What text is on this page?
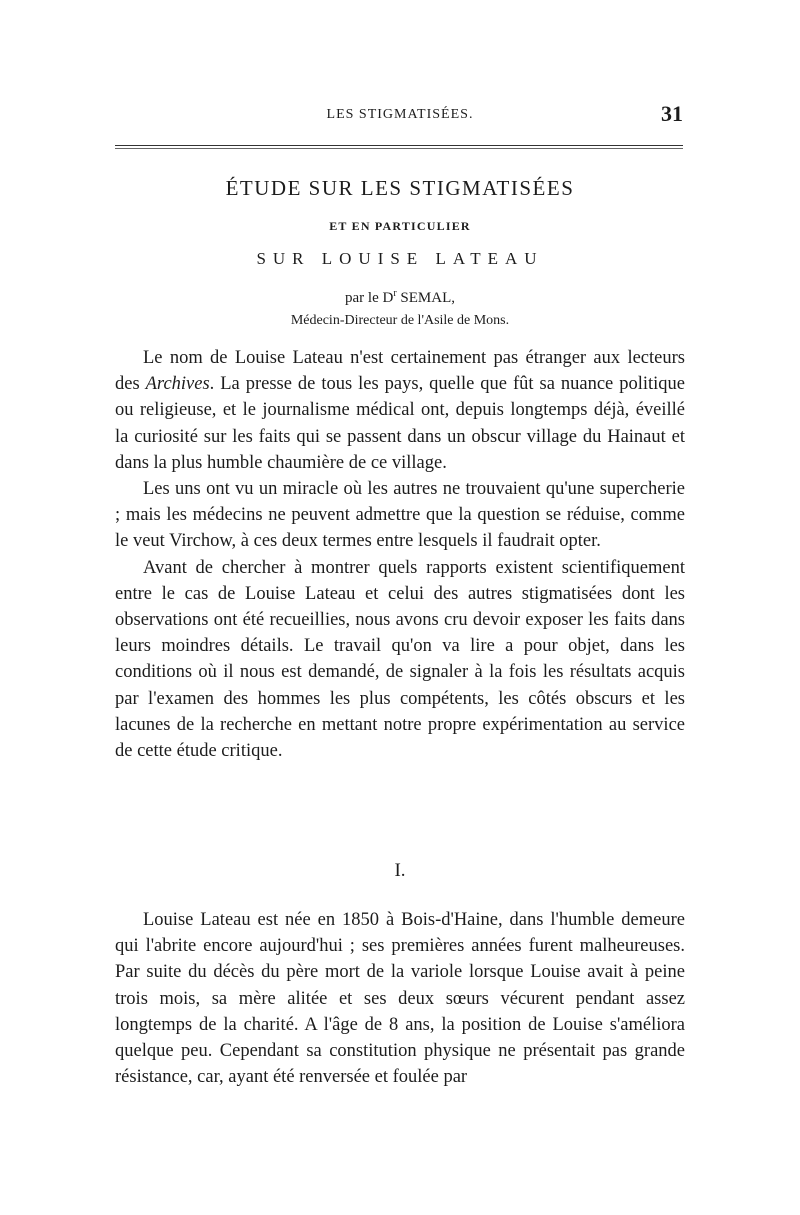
LES STIGMATISÉES.	31
ÉTUDE SUR LES STIGMATISÉES
ET EN PARTICULIER
SUR LOUISE LATEAU
par le $D^r$ SEMAL,
Médecin-Directeur de l'Asile de Mons.

Le nom de Louise Lateau n'est certainement pas étranger aux lecteurs des Archives. La presse de tous les pays, quelle que fût sa nuance politique ou religieuse, et le journalisme médical ont, depuis longtemps déjà, éveillé la curiosité sur les faits qui se passent dans un obscur village du Hainaut et dans la plus humble chaumière de ce village.

Les uns ont vu un miracle où les autres ne trouvaient qu'une supercherie ; mais les médecins ne peuvent admettre que la question se réduise, comme le veut Virchow, à ces deux termes entre lesquels il faudrait opter.

Avant de chercher à montrer quels rapports existent scientifiquement entre le cas de Louise Lateau et celui des autres stigmatisées dont les observations ont été recueillies, nous avons cru devoir exposer les faits dans leurs moindres détails. Le travail qu'on va lire a pour objet, dans les conditions où il nous est demandé, de signaler à la fois les résultats acquis par l'examen des hommes les plus compétents, les côtés obscurs et les lacunes de la recherche en mettant notre propre expérimentation au service de cette étude critique.

I.

Louise Lateau est née en 1850 à Bois-d'Haine, dans l'humble demeure qui l'abrite encore aujourd'hui ; ses premières années furent malheureuses. Par suite du décès du père mort de la variole lorsque Louise avait à peine trois mois, sa mère alitée et ses deux sœurs vécurent pendant assez longtemps de la charité. A l'âge de 8 ans, la position de Louise s'améliora quelque peu. Cependant sa constitution physique ne présentait pas grande résistance, car, ayant été renversée et foulée par
